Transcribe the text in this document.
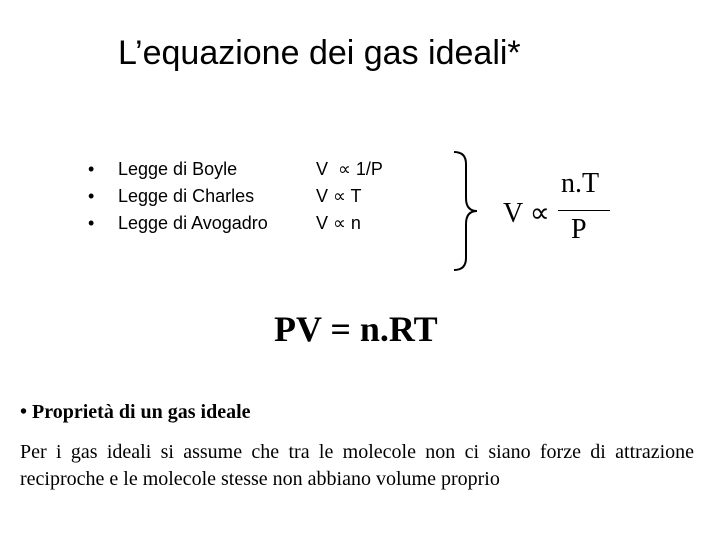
L’equazione dei gas ideali*
• Legge di Boyle	V  ∝ 1/P
• Legge di Charles	V ∝ T
• Legge di Avogadro	V ∝ n	V ∝
n.T
P
PV = n.RT
• Proprietà di un gas ideale
Per i gas ideali si assume che tra le molecole non ci siano forze di attrazione reciproche e le molecole stesse non abbiano volume proprio
